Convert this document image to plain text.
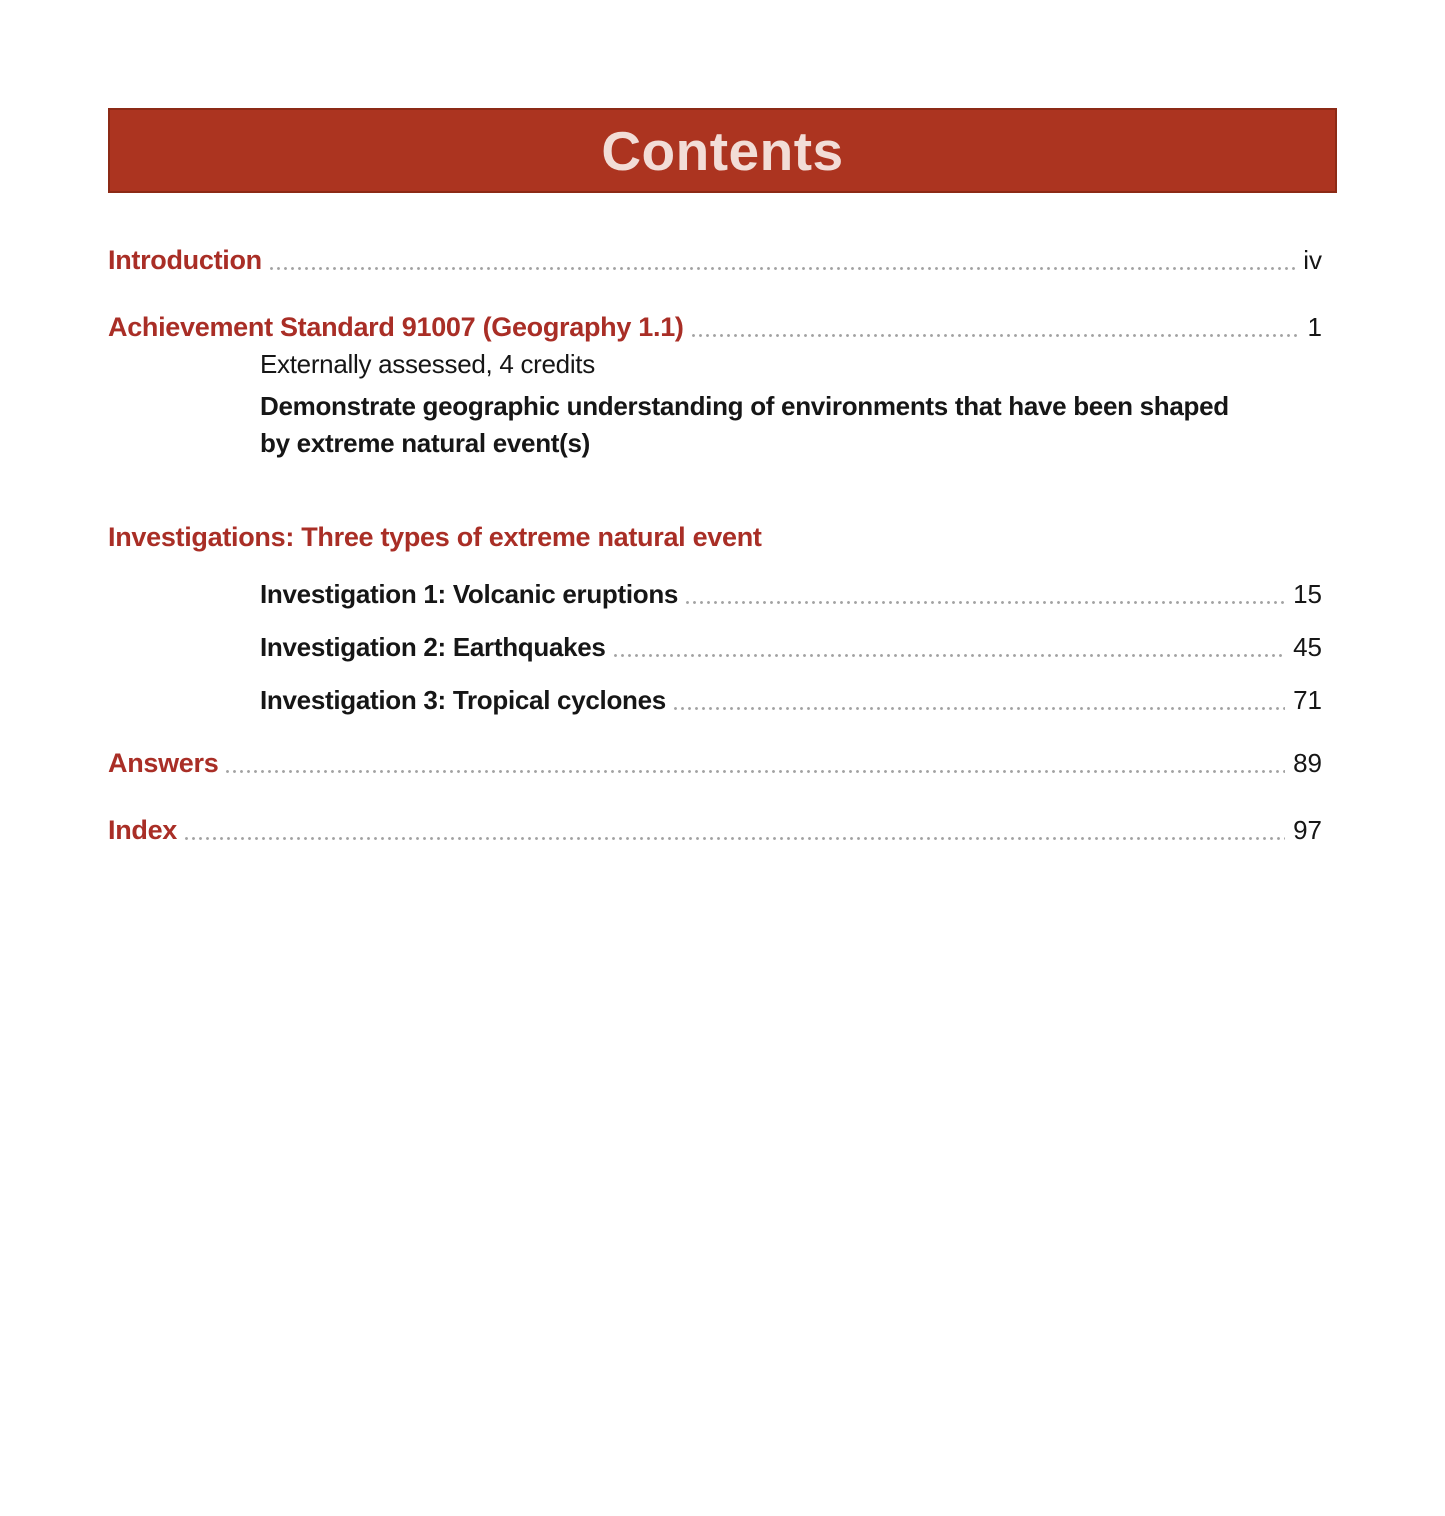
Contents
Introduction	iv
Achievement Standard 91007 (Geography 1.1)	1
Externally assessed, 4 credits
Demonstrate geographic understanding of environments that have been shaped by extreme natural event(s)
Investigations: Three types of extreme natural event
Investigation 1: Volcanic eruptions	15
Investigation 2: Earthquakes	45
Investigation 3: Tropical cyclones	71
Answers	89
Index	97
